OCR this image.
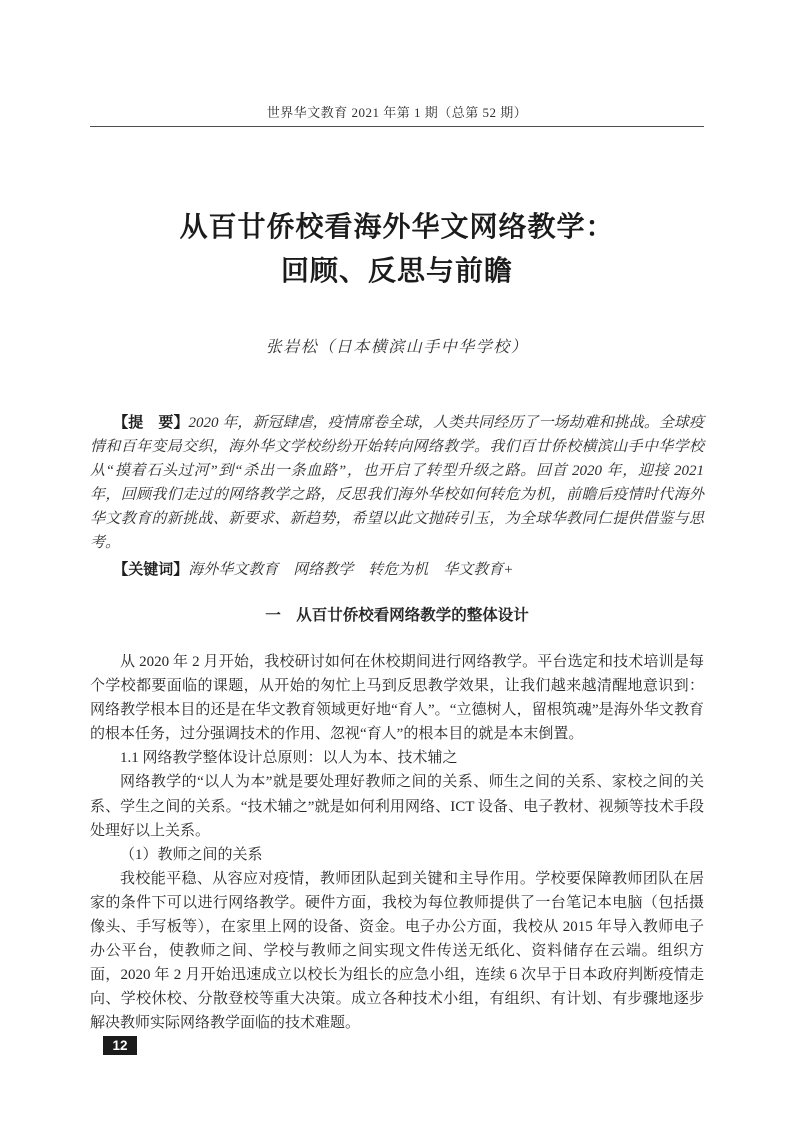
世界华文教育 2021 年第 1 期（总第 52 期）
从百廿侨校看海外华文网络教学：
回顾、反思与前瞻
张岩松（日本横滨山手中华学校）
【提　要】2020 年，新冠肆虐，疫情席卷全球，人类共同经历了一场劫难和挑战。全球疫情和百年变局交织，海外华文学校纷纷开始转向网络教学。我们百廿侨校横滨山手中华学校从“摸着石头过河”到“杀出一条血路”，也开启了转型升级之路。回首 2020 年，迎接 2021 年，回顾我们走过的网络教学之路，反思我们海外华校如何转危为机，前瞻后疫情时代海外华文教育的新挑战、新要求、新趋势，希望以此文抛砖引玉，为全球华教同仁提供借鉴与思考。
【关键词】海外华文教育　网络教学　转危为机　华文教育+
一　从百廿侨校看网络教学的整体设计

从 2020 年 2 月开始，我校研讨如何在休校期间进行网络教学。平台选定和技术培训是每个学校都要面临的课题，从开始的匆忙上马到反思教学效果，让我们越来越清醒地意识到：网络教学根本目的还是在华文教育领域更好地“育人”。“立德树人，留根筑魂”是海外华文教育的根本任务，过分强调技术的作用、忽视“育人”的根本目的就是本末倒置。

1.1 网络教学整体设计总原则：以人为本、技术辅之

网络教学的“以人为本”就是要处理好教师之间的关系、师生之间的关系、家校之间的关系、学生之间的关系。“技术辅之”就是如何利用网络、ICT 设备、电子教材、视频等技术手段处理好以上关系。

（1）教师之间的关系

我校能平稳、从容应对疫情，教师团队起到关键和主导作用。学校要保障教师团队在居家的条件下可以进行网络教学。硬件方面，我校为每位教师提供了一台笔记本电脑（包括摄像头、手写板等），在家里上网的设备、资金。电子办公方面，我校从 2015 年导入教师电子办公平台，使教师之间、学校与教师之间实现文件传送无纸化、资料储存在云端。组织方面，2020 年 2 月开始迅速成立以校长为组长的应急小组，连续 6 次早于日本政府判断疫情走向、学校休校、分散登校等重大决策。成立各种技术小组，有组织、有计划、有步骤地逐步解决教师实际网络教学面临的技术难题。

12
